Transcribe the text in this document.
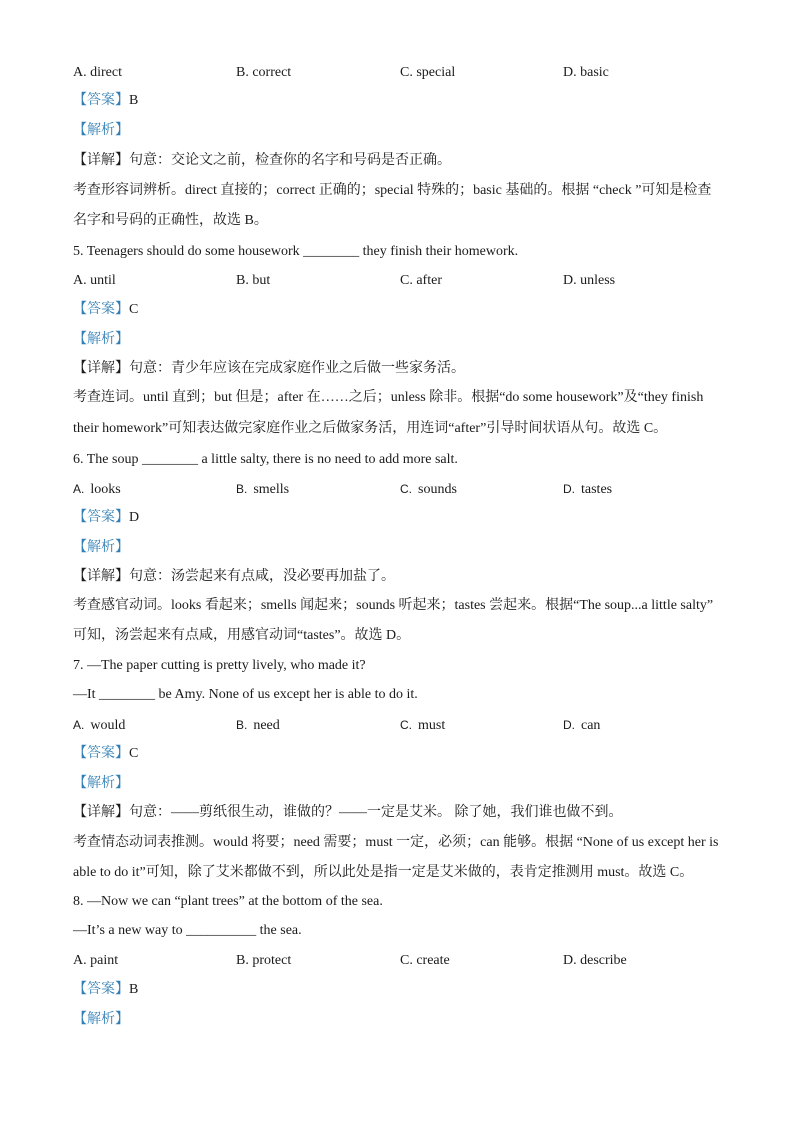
A. direct	B. correct	C. special	D. basic
【答案】B
【解析】
【详解】句意：交论文之前，检查你的名字和号码是否正确。
考查形容词辨析。direct 直接的；correct 正确的；special 特殊的；basic 基础的。根据 “check ”可知是检查
名字和号码的正确性，故选 B。
5. Teenagers should do some housework ________ they finish their homework.
A. until	B. but	C. after	D. unless
【答案】C
【解析】
【详解】句意：青少年应该在完成家庭作业之后做一些家务活。
考查连词。until 直到；but 但是；after 在……之后；unless 除非。根据“do some housework”及“they finish
their homework”可知表达做完家庭作业之后做家务活，用连词“after”引导时间状语从句。故选 C。
6. The soup ________ a little salty, there is no need to add more salt.
A. looks	B. smells	C. sounds	D. tastes
【答案】D
【解析】
【详解】句意：汤尝起来有点咸，没必要再加盐了。
考查感官动词。looks 看起来；smells 闻起来；sounds 听起来；tastes 尝起来。根据“The soup...a little salty”
可知，汤尝起来有点咸，用感官动词“tastes”。故选 D。
7. —The paper cutting is pretty lively, who made it?
—It ________ be Amy. None of us except her is able to do it.
A. would	B. need	C. must	D. can
【答案】C
【解析】
【详解】句意：——剪纸很生动，谁做的？——一定是艾米。 除了她，我们谁也做不到。
考查情态动词表推测。would 将要；need 需要；must 一定，必须；can 能够。根据 “None of us except her is
able to do it”可知，除了艾米都做不到，所以此处是指一定是艾米做的，表肯定推测用 must。故选 C。
8. —Now we can “plant trees” at the bottom of the sea.
—It’s a new way to __________ the sea.
A. paint	B. protect	C. create	D. describe
【答案】B
【解析】
